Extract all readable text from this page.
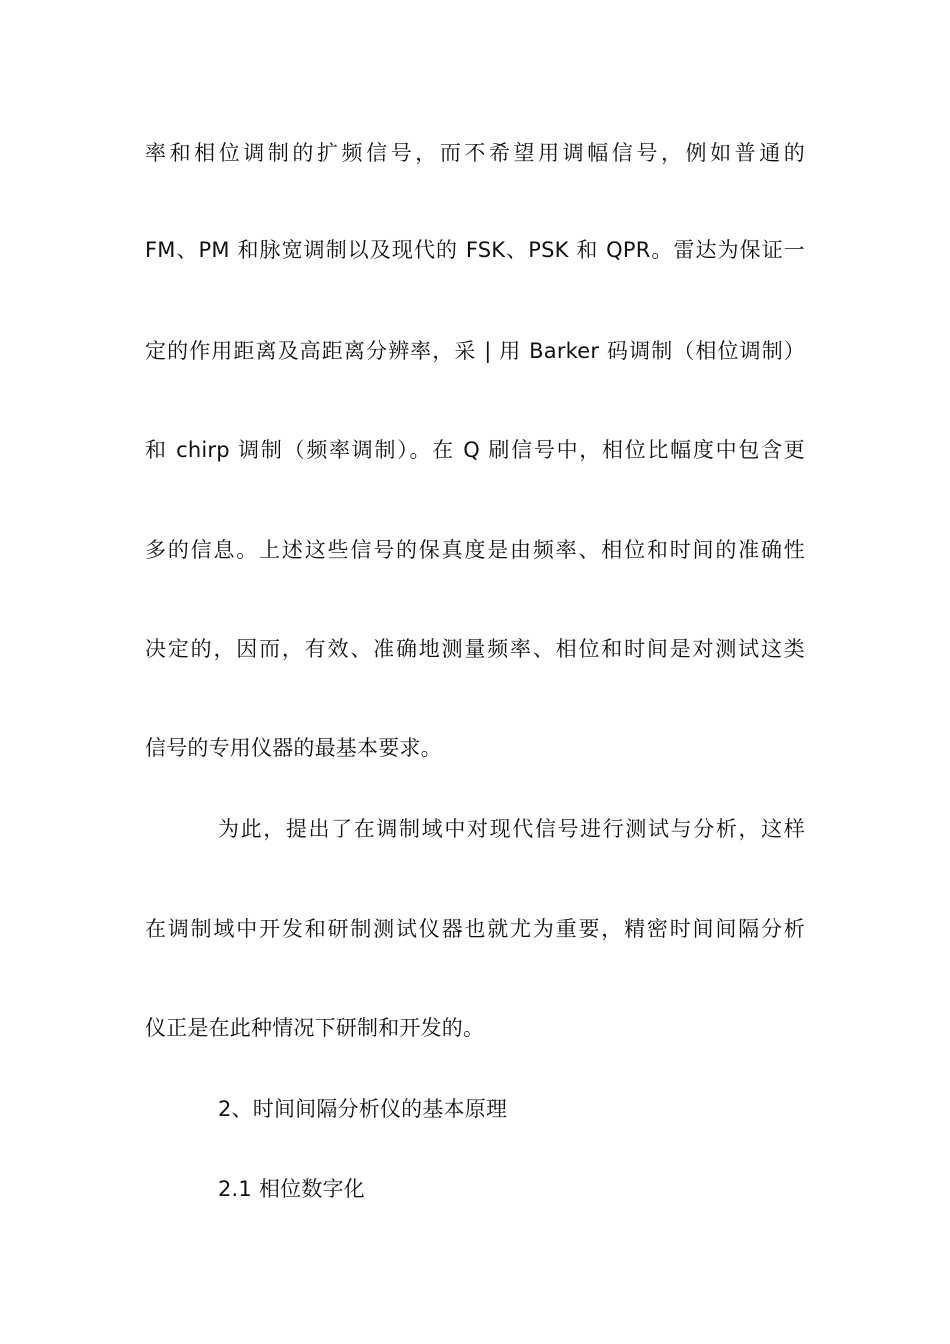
率和相位调制的扩频信号，而不希望用调幅信号，例如普通的
FM、PM 和脉宽调制以及现代的 FSK、PSK 和 QPR。雷达为保证一
定的作用距离及高距离分辨率，采 | 用 Barker 码调制（相位调制）
和 chirp 调制（频率调制）。在 Q 刷信号中，相位比幅度中包含更
多的信息。上述这些信号的保真度是由频率、相位和时间的准确性
决定的，因而，有效、准确地测量频率、相位和时间是对测试这类
信号的专用仪器的最基本要求。
为此，提出了在调制域中对现代信号进行测试与分析，这样
在调制域中开发和研制测试仪器也就尤为重要，精密时间间隔分析
仪正是在此种情况下研制和开发的。
2、时间间隔分析仪的基本原理
2.1 相位数字化
